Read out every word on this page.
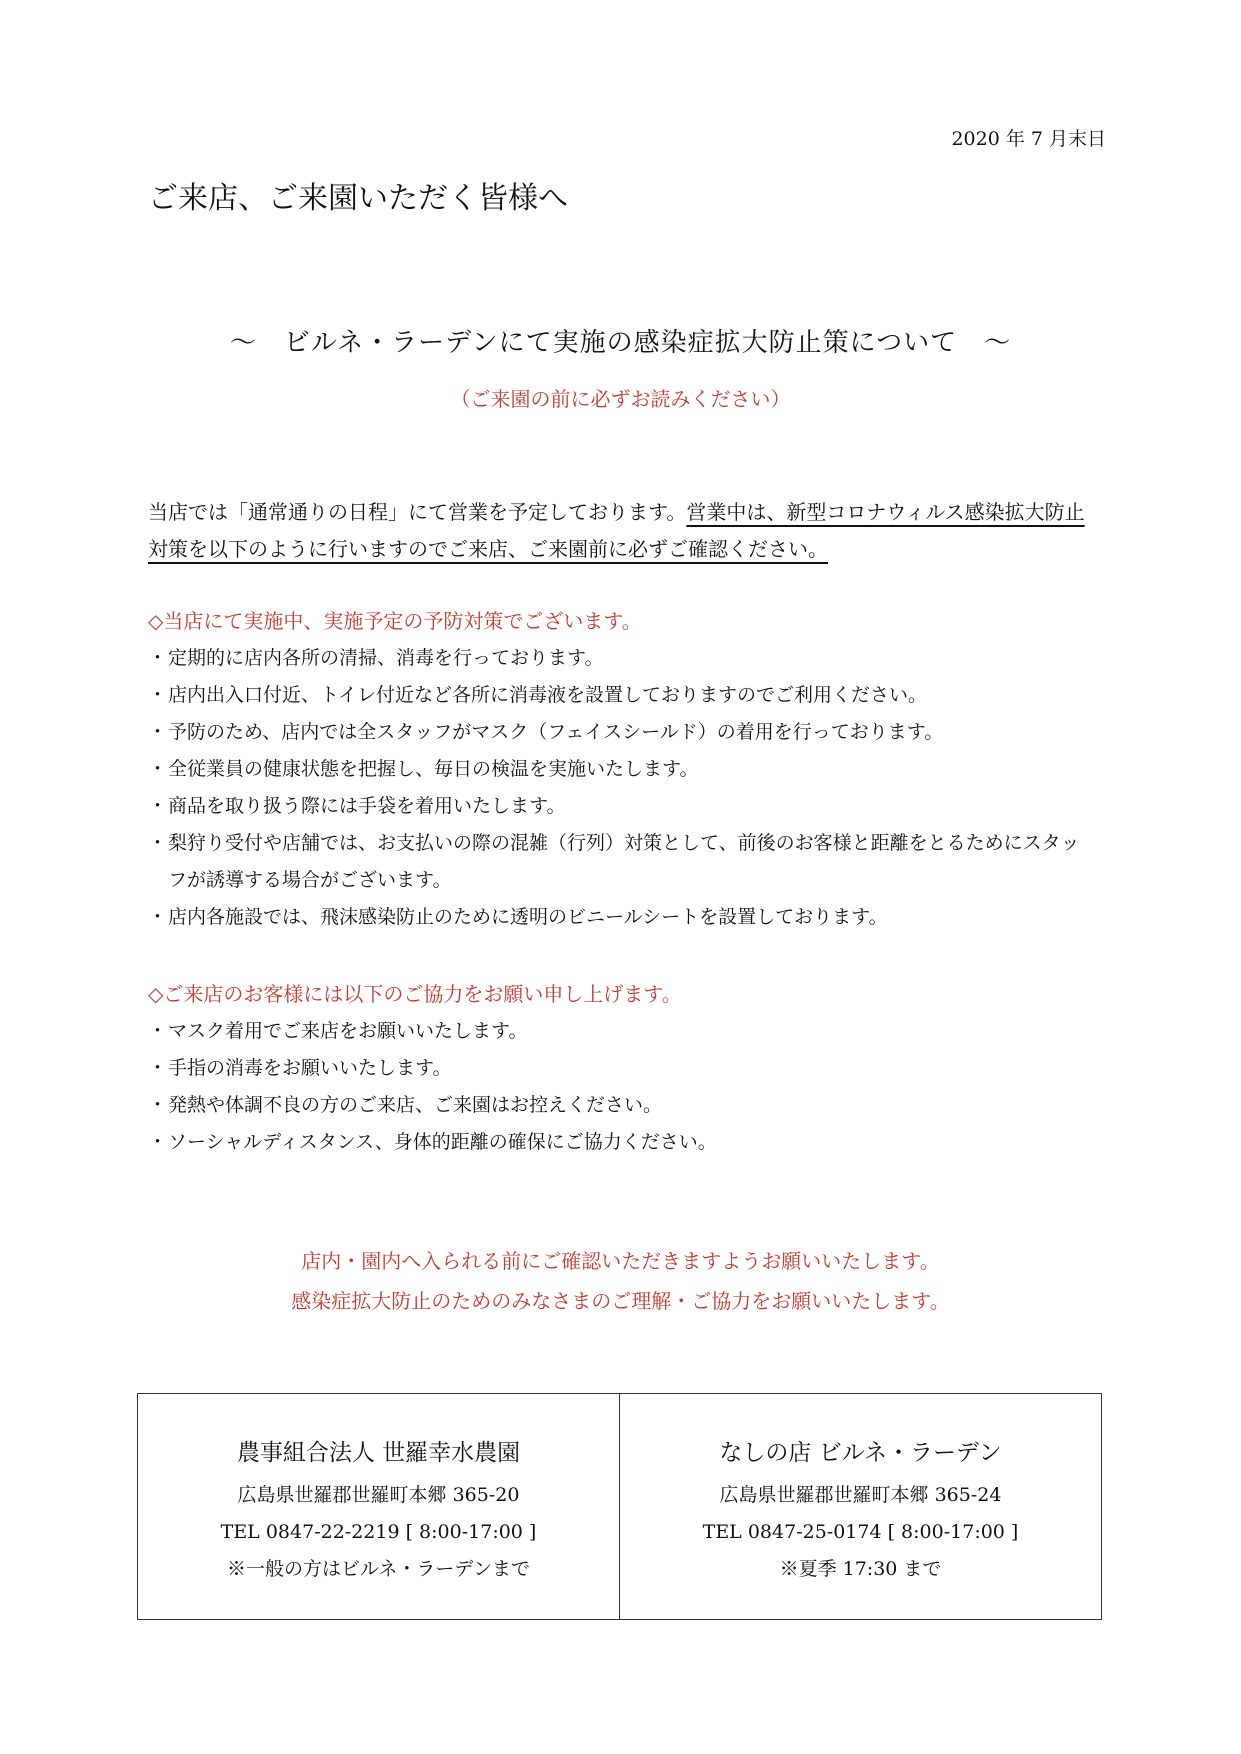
2020 年 7 月末日
ご来店、ご来園いただく皆様へ
～　ビルネ・ラーデンにて実施の感染症拡大防止策について　～
（ご来園の前に必ずお読みください）
当店では「通常通りの日程」にて営業を予定しております。営業中は、新型コロナウィルス感染拡大防止対策を以下のように行いますのでご来店、ご来園前に必ずご確認ください。
◇当店にて実施中、実施予定の予防対策でございます。
・定期的に店内各所の清掃、消毒を行っております。
・店内出入口付近、トイレ付近など各所に消毒液を設置しておりますのでご利用ください。
・予防のため、店内では全スタッフがマスク（フェイスシールド）の着用を行っております。
・全従業員の健康状態を把握し、毎日の検温を実施いたします。
・商品を取り扱う際には手袋を着用いたします。
・梨狩り受付や店舗では、お支払いの際の混雑（行列）対策として、前後のお客様と距離をとるためにスタッフが誘導する場合がございます。
・店内各施設では、飛沫感染防止のために透明のビニールシートを設置しております。
◇ご来店のお客様には以下のご協力をお願い申し上げます。
・マスク着用でご来店をお願いいたします。
・手指の消毒をお願いいたします。
・発熱や体調不良の方のご来店、ご来園はお控えください。
・ソーシャルディスタンス、身体的距離の確保にご協力ください。
店内・園内へ入られる前にご確認いただきますようお願いいたします。
感染症拡大防止のためのみなさまのご理解・ご協力をお願いいたします。
農事組合法人 世羅幸水農園
広島県世羅郡世羅町本郷 365-20
TEL 0847-22-2219 [ 8:00-17:00 ]
※一般の方はビルネ・ラーデンまで
なしの店 ビルネ・ラーデン
広島県世羅郡世羅町本郷 365-24
TEL 0847-25-0174 [ 8:00-17:00 ]
※夏季 17:30 まで
